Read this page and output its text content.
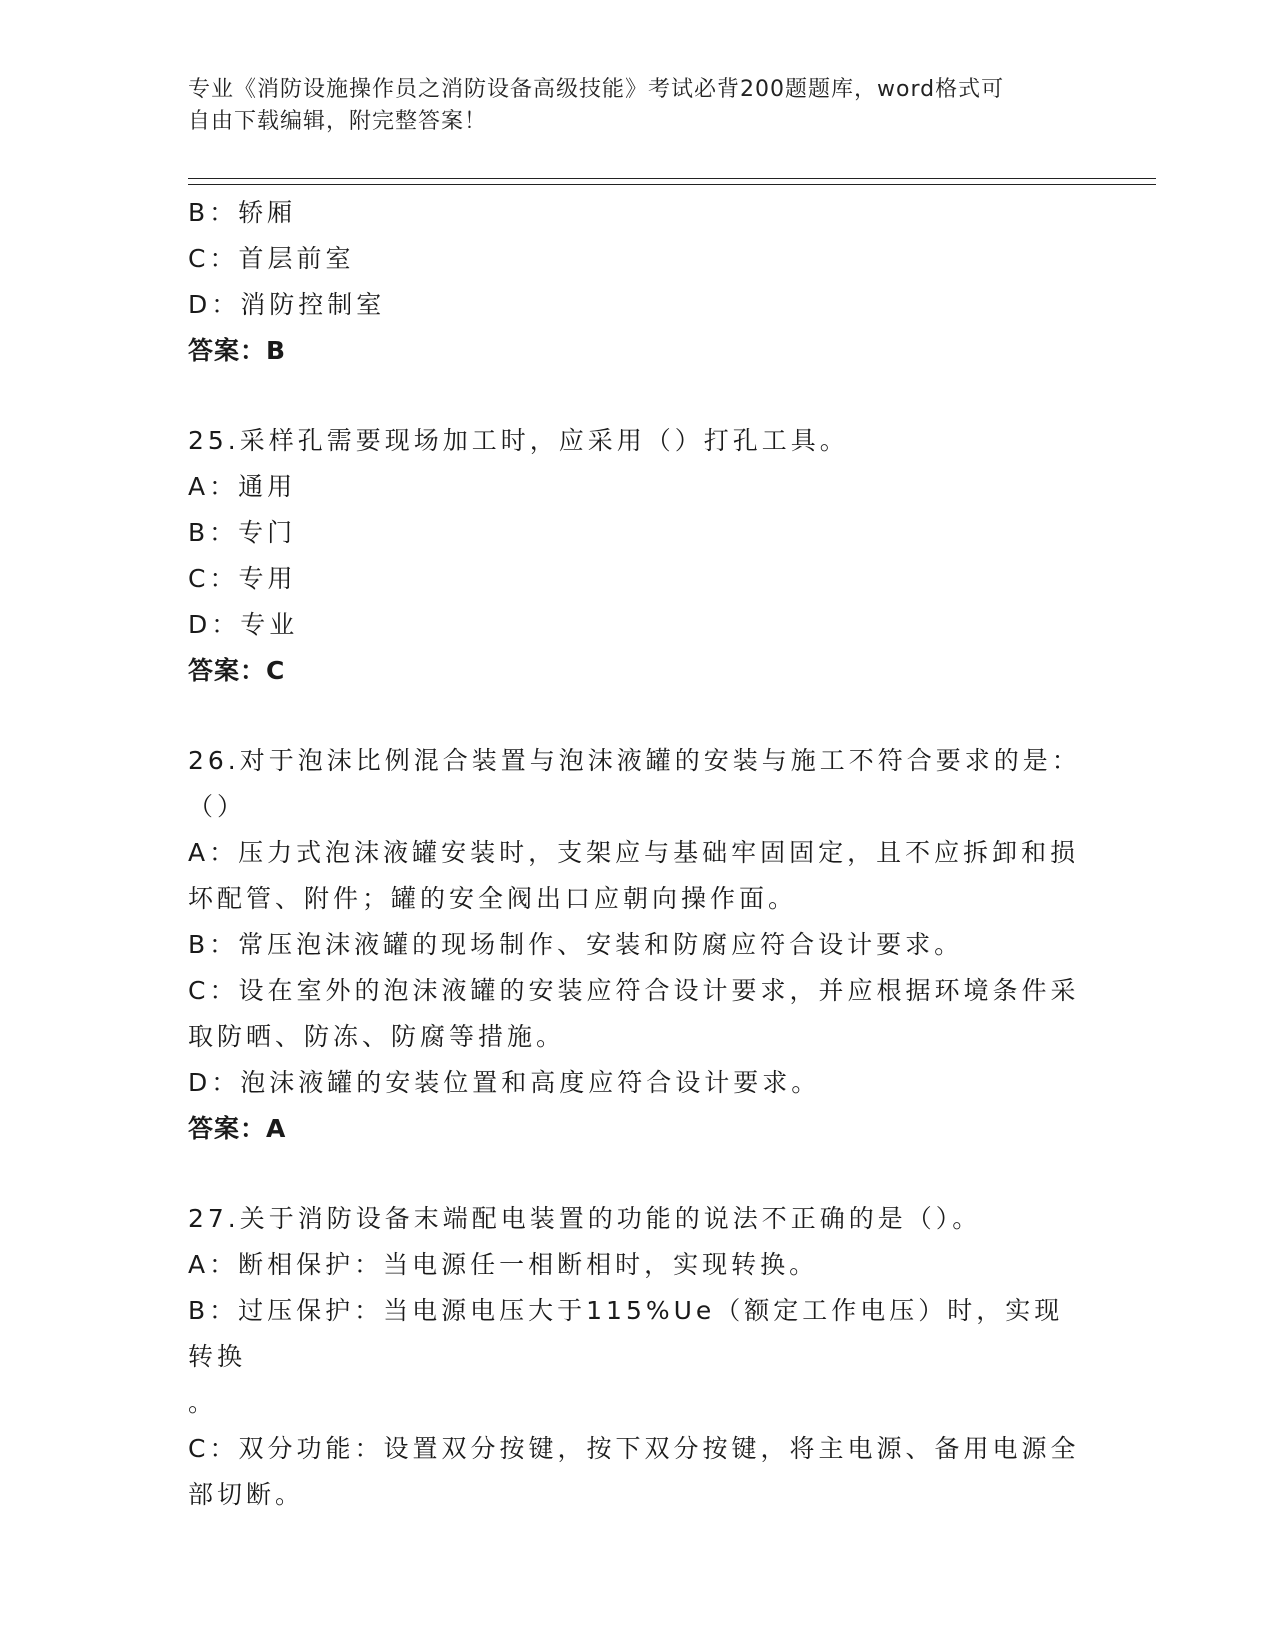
专业《消防设施操作员之消防设备高级技能》考试必背200题题库，word格式可
自由下载编辑，附完整答案！
B：轿厢
C：首层前室
D：消防控制室
答案：B
25.采样孔需要现场加工时，应采用（）打孔工具。
A：通用
B：专门
C：专用
D：专业
答案：C
26.对于泡沫比例混合装置与泡沫液罐的安装与施工不符合要求的是：
（）
A：压力式泡沫液罐安装时，支架应与基础牢固固定，且不应拆卸和损
坏配管、附件；罐的安全阀出口应朝向操作面。
B：常压泡沫液罐的现场制作、安装和防腐应符合设计要求。
C：设在室外的泡沫液罐的安装应符合设计要求，并应根据环境条件采
取防晒、防冻、防腐等措施。
D：泡沫液罐的安装位置和高度应符合设计要求。
答案：A
27.关于消防设备末端配电装置的功能的说法不正确的是（）。
A：断相保护：当电源任一相断相时，实现转换。
B：过压保护：当电源电压大于115%Ue（额定工作电压）时，实现转换
。
C：双分功能：设置双分按键，按下双分按键，将主电源、备用电源全
部切断。
